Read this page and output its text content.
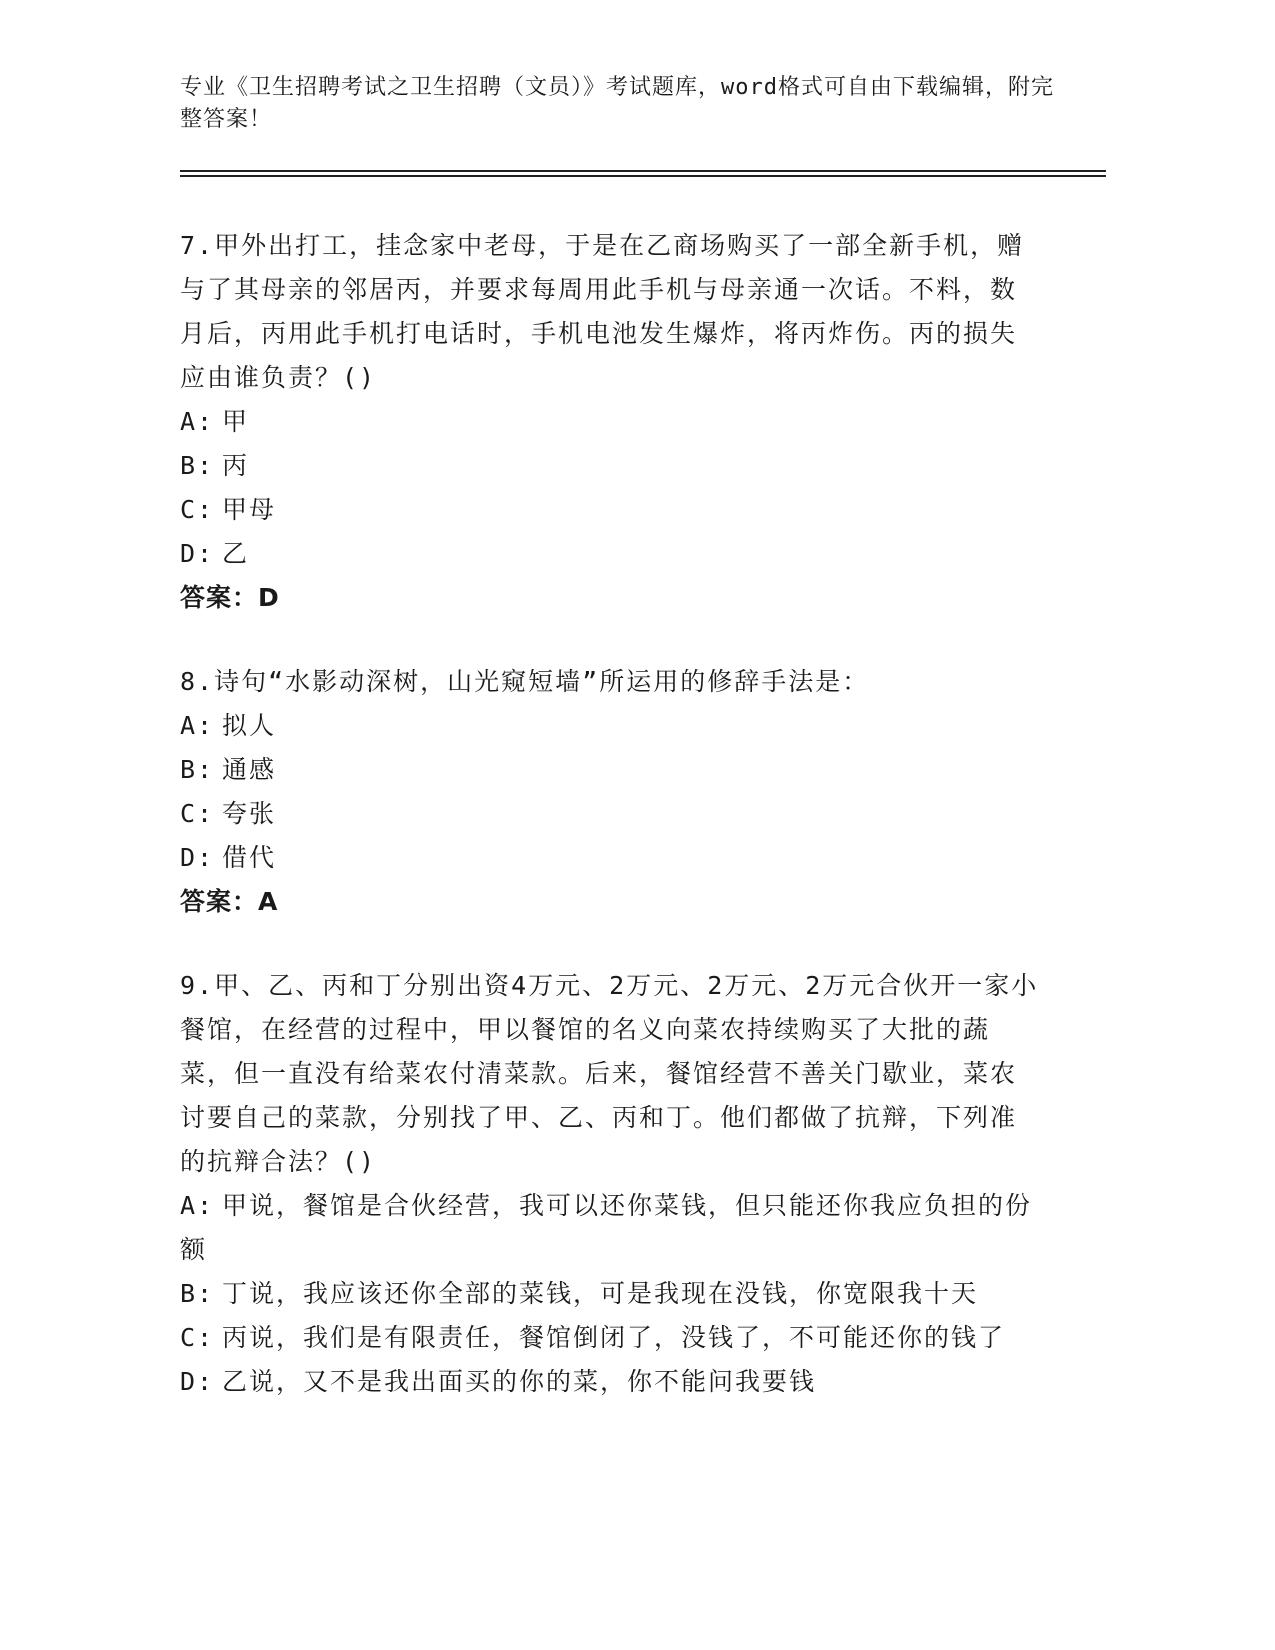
专业《卫生招聘考试之卫生招聘（文员）》考试题库，word格式可自由下载编辑，附完整答案！

7.甲外出打工，挂念家中老母，于是在乙商场购买了一部全新手机，赠与了其母亲的邻居丙，并要求每周用此手机与母亲通一次话。不料，数月后，丙用此手机打电话时，手机电池发生爆炸，将丙炸伤。丙的损失应由谁负责？()

A: 甲

B: 丙

C: 甲母

D: 乙

答案：D

8.诗句“水影动深树，山光窥短墙”所运用的修辞手法是：

A: 拟人

B: 通感

C: 夸张

D: 借代

答案：A

9.甲、乙、丙和丁分别出资4万元、2万元、2万元、2万元合伙开一家小餐馆，在经营的过程中，甲以餐馆的名义向菜农持续购买了大批的蔬菜，但一直没有给菜农付清菜款。后来，餐馆经营不善关门歇业，菜农讨要自己的菜款，分别找了甲、乙、丙和丁。他们都做了抗辩，下列准的抗辩合法？()

A: 甲说，餐馆是合伙经营，我可以还你菜钱，但只能还你我应负担的份额

B: 丁说，我应该还你全部的菜钱，可是我现在没钱，你宽限我十天

C: 丙说，我们是有限责任，餐馆倒闭了，没钱了，不可能还你的钱了

D: 乙说，又不是我出面买的你的菜，你不能问我要钱
